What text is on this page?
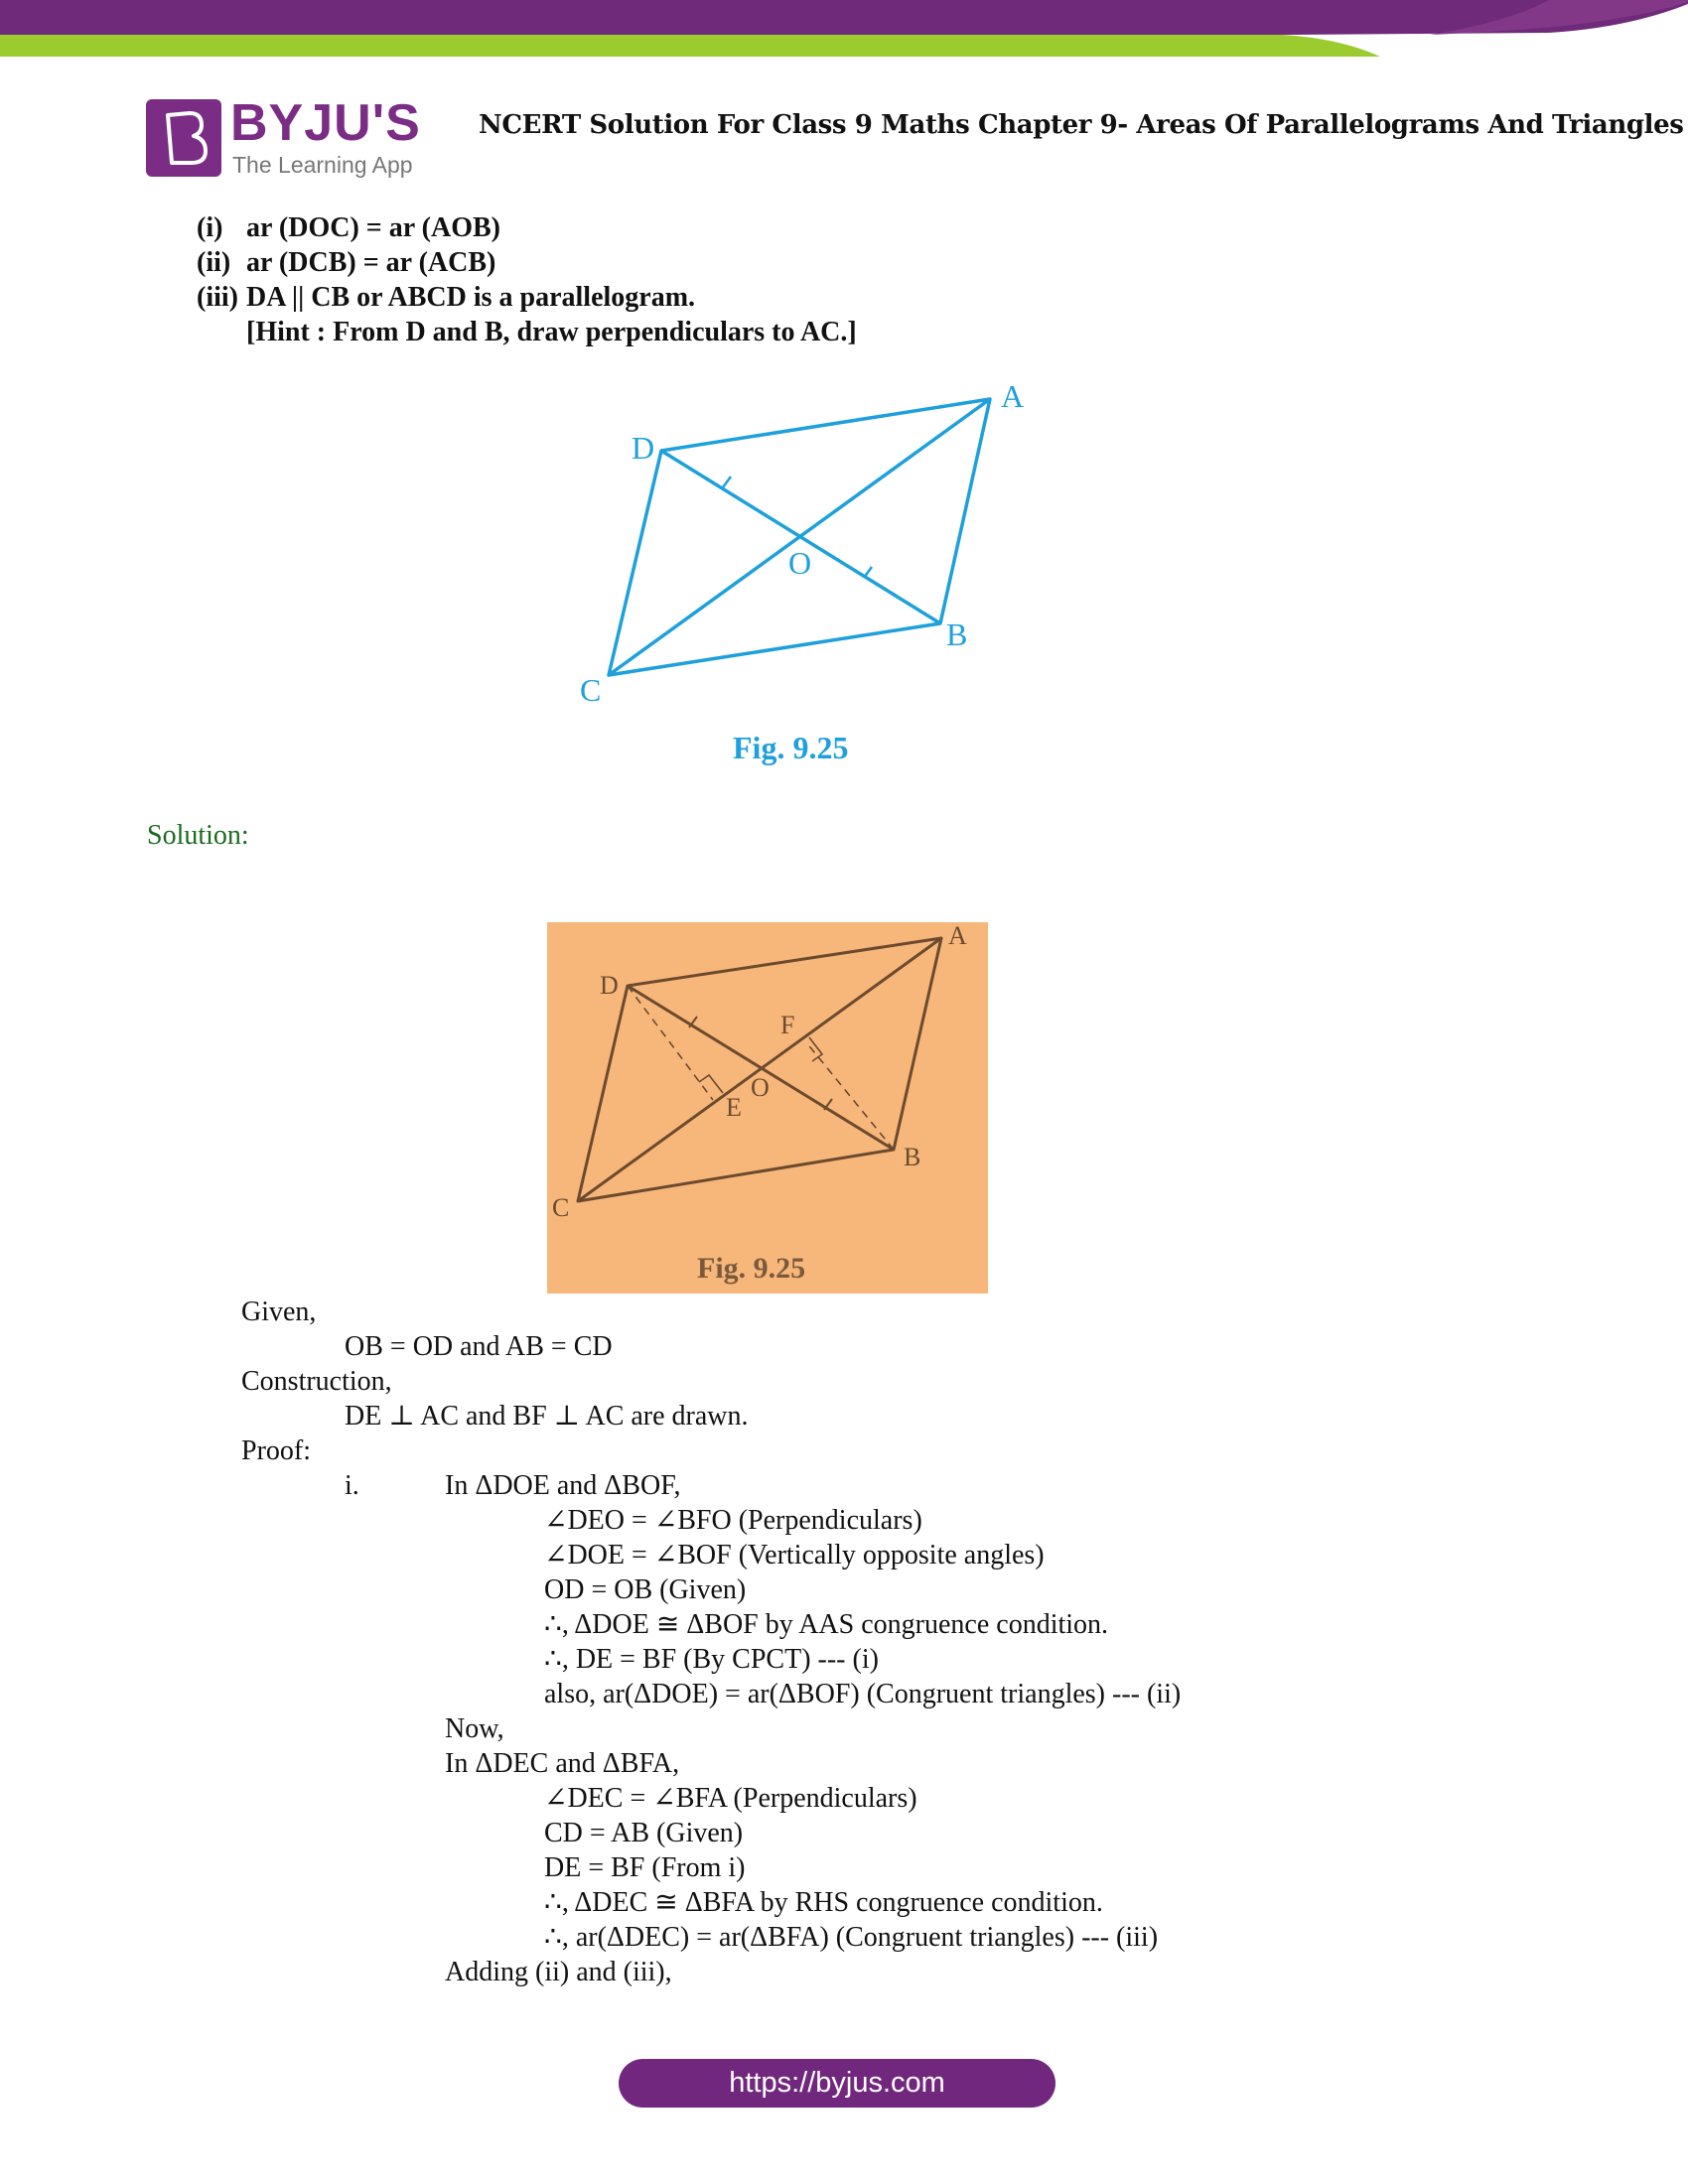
BYJU'S
The Learning App
NCERT Solution For Class 9 Maths Chapter 9- Areas Of Parallelograms And Triangles
(i) ar (DOC) = ar (AOB)
(ii) ar (DCB) = ar (ACB)
(iii) DA || CB or ABCD is a parallelogram.
[Hint : From D and B, draw perpendiculars to AC.]
A
D
C
B
O
Fig. 9.25
Solution:
A
D
C
B
O
E
F
Fig. 9.25
Given,
OB = OD and AB = CD
Construction,
DE ⊥ AC and BF ⊥ AC are drawn.
Proof:
i.	In ΔDOE and ΔBOF,
∠DEO = ∠BFO (Perpendiculars)
∠DOE = ∠BOF (Vertically opposite angles)
OD = OB (Given)
∴, ΔDOE ≅ ΔBOF by AAS congruence condition.
∴, DE = BF (By CPCT) --- (i)
also, ar(ΔDOE) = ar(ΔBOF) (Congruent triangles) --- (ii)
Now,
In ΔDEC and ΔBFA,
∠DEC = ∠BFA (Perpendiculars)
CD = AB (Given)
DE = BF (From i)
∴, ΔDEC ≅ ΔBFA by RHS congruence condition.
∴, ar(ΔDEC) = ar(ΔBFA) (Congruent triangles) --- (iii)
Adding (ii) and (iii),
https://byjus.com
